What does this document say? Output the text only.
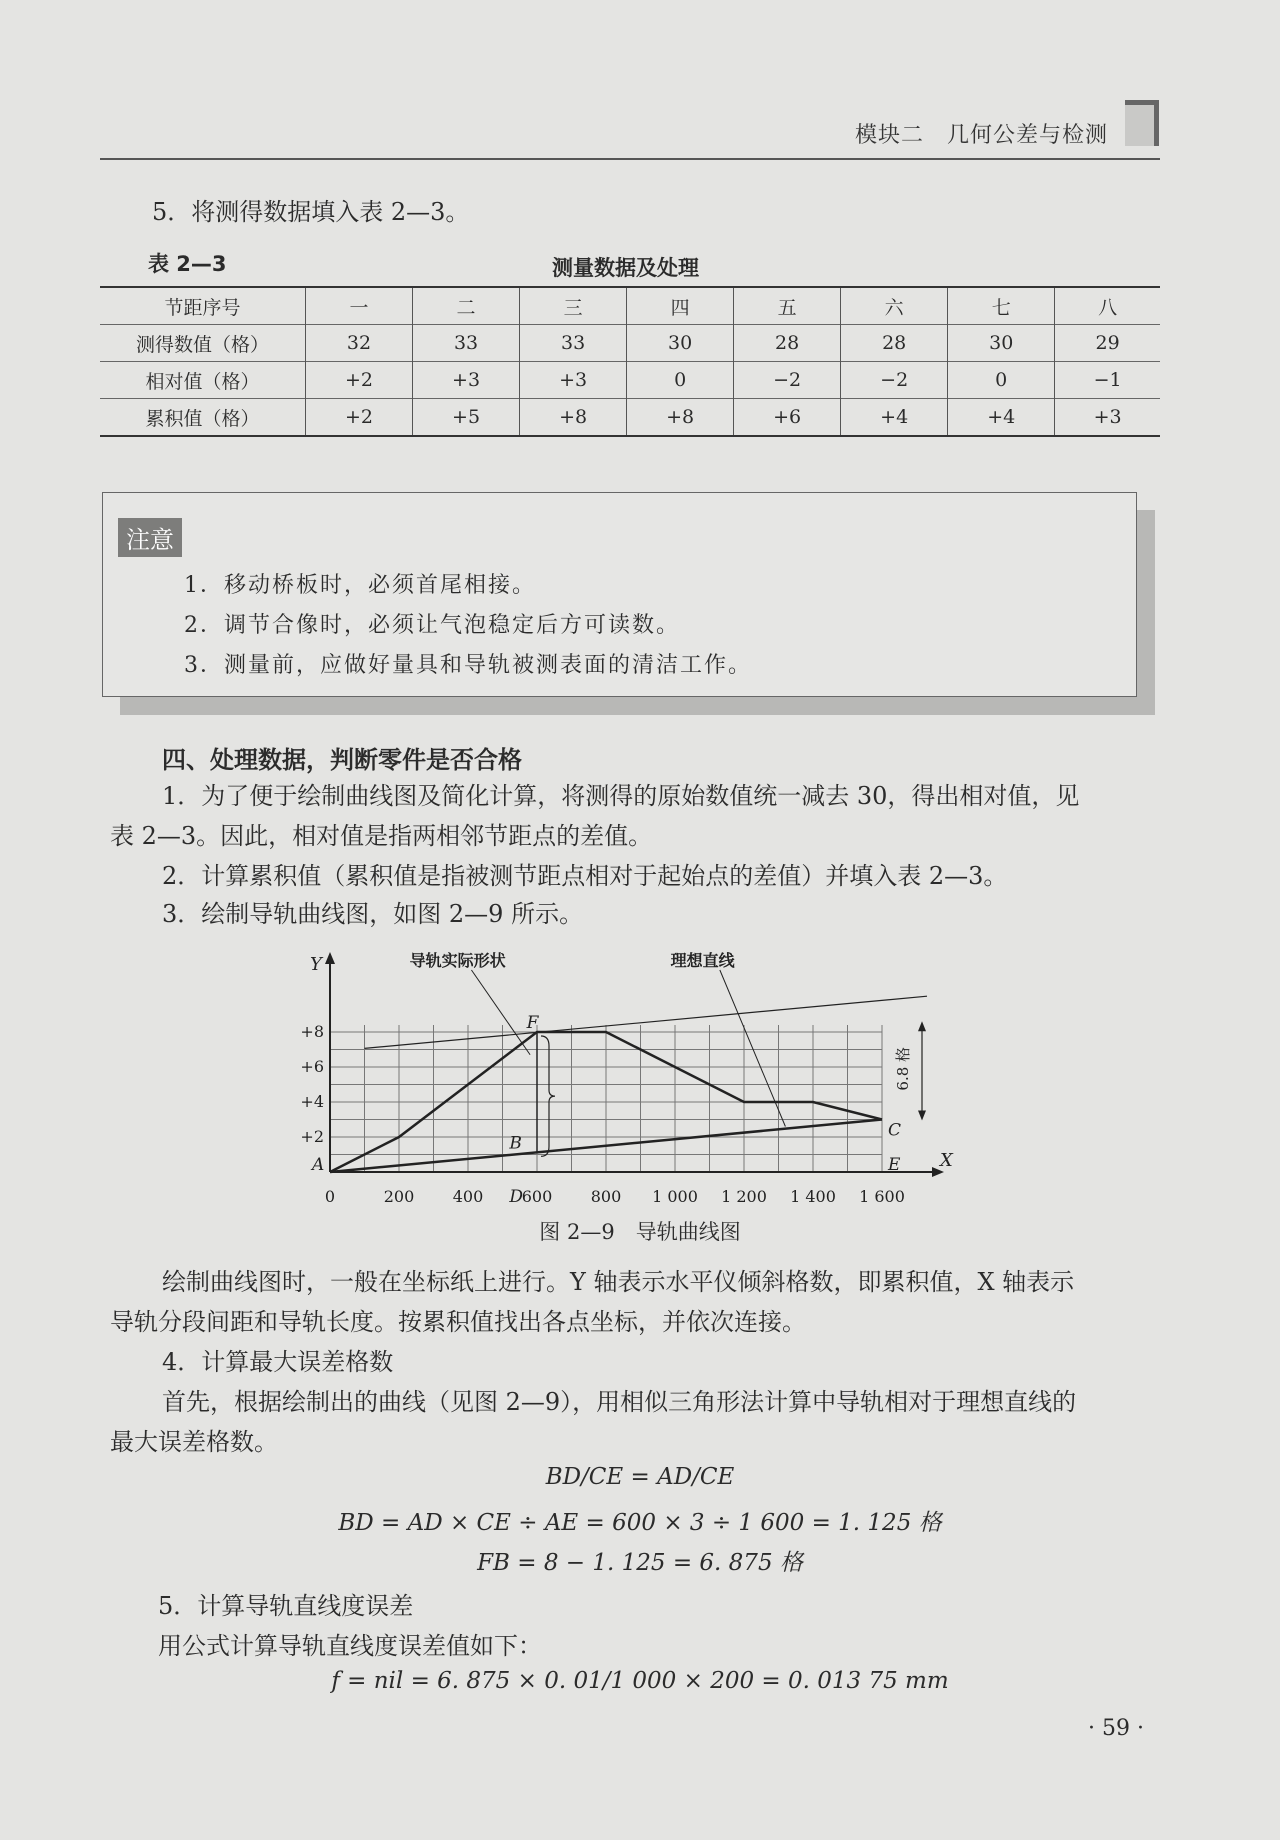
模块二　几何公差与检测
5．将测得数据填入表 2—3。
表 2—3	测量数据及处理
节距序号	一	二	三	四	五	六	七	八
测得数值（格）	32	33	33	30	28	28	30	29
相对值（格）	+2	+3	+3	0	−2	−2	0	−1
累积值（格）	+2	+5	+8	+8	+6	+4	+4	+3
注意
1．移动桥板时，必须首尾相接。
2．调节合像时，必须让气泡稳定后方可读数。
3．测量前，应做好量具和导轨被测表面的清洁工作。
四、处理数据，判断零件是否合格
1．为了便于绘制曲线图及简化计算，将测得的原始数值统一减去 30，得出相对值，见
表 2—3。因此，相对值是指两相邻节距点的差值。
2．计算累积值（累积值是指被测节距点相对于起始点的差值）并填入表 2—3。
3．绘制导轨曲线图，如图 2—9 所示。
0	200 400 600 800 1 000 1 200 1 400 1 600
+2
+4
+6
+8
X
Y
6.8 格
导轨实际形状	理想直线
A
B
C
D
E
F
图 2—9　导轨曲线图
绘制曲线图时，一般在坐标纸上进行。Y 轴表示水平仪倾斜格数，即累积值，X 轴表示
导轨分段间距和导轨长度。按累积值找出各点坐标，并依次连接。
4．计算最大误差格数
首先，根据绘制出的曲线（见图 2—9），用相似三角形法计算中导轨相对于理想直线的
最大误差格数。
BD/CE = AD/CE
BD = AD × CE ÷ AE = 600 × 3 ÷ 1 600 = 1. 125 格
FB = 8 − 1. 125 = 6. 875 格
5．计算导轨直线度误差
用公式计算导轨直线度误差值如下：
f = nil = 6. 875 × 0. 01/1 000 × 200 = 0. 013 75 mm
· 59 ·
